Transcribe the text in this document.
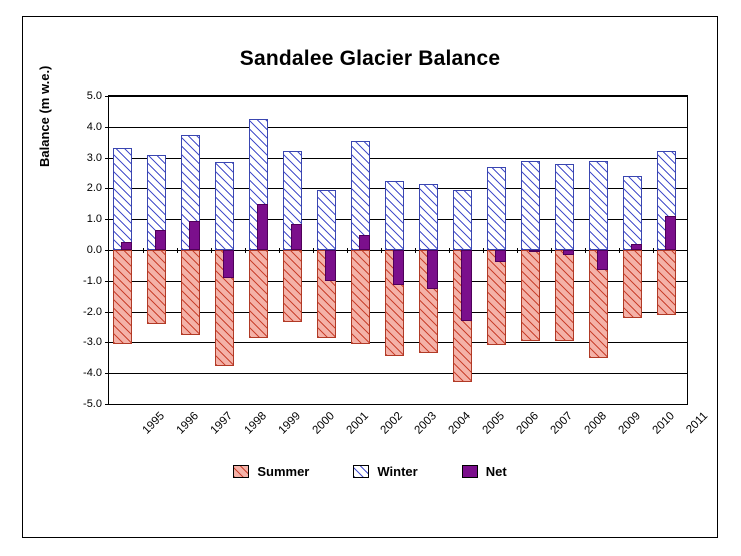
Sandalee Glacier Balance
Balance (m w.e.)	5.0
4.0
3.0
2.0
1.0
0.0
-1.0
-2.0
-3.0
-4.0
-5.0
1995 1996 1997 1998 1999 2000 2001 2002 2003 2004 2005 2006 2007 2008 2009 2010 2011
Summer	Winter	Net
